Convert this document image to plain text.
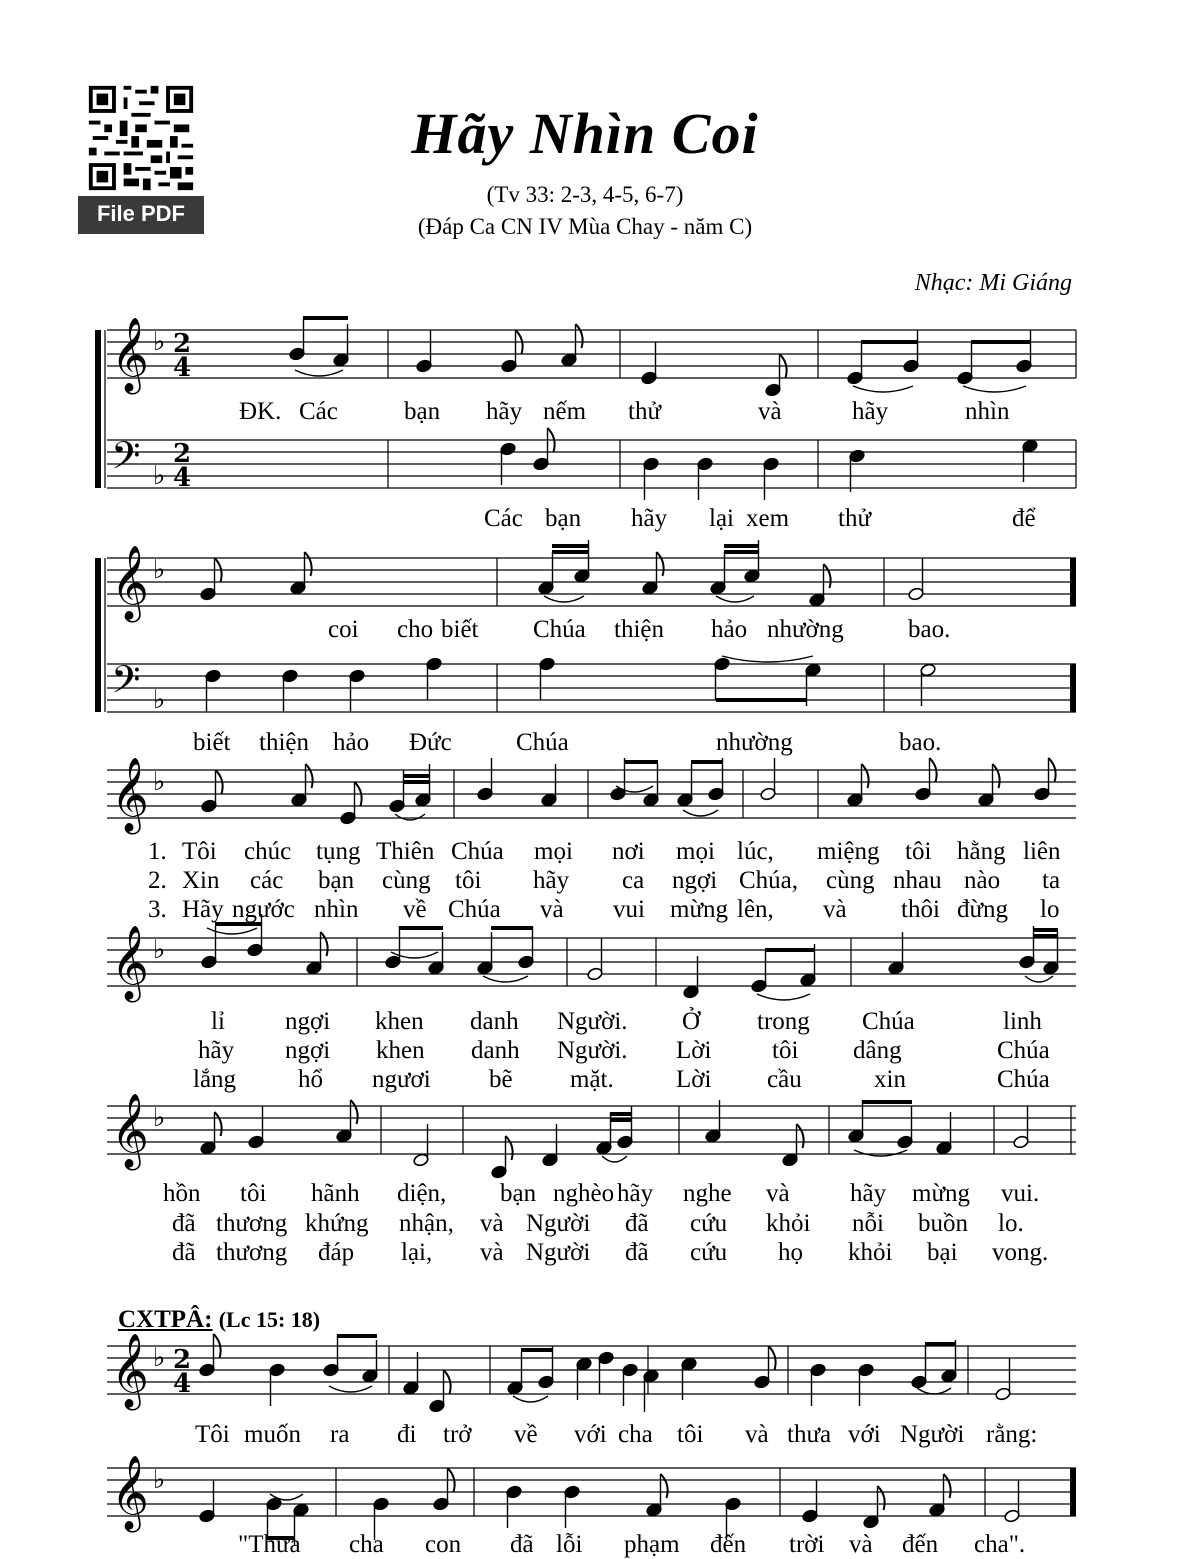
File PDF
Hãy Nhìn Coi
(Tv 33: 2-3, 4-5, 6-7)
(Đáp Ca CN IV Mùa Chay - năm C)
Nhạc: Mi Giáng
𝄞 ♭ 2
4
𝄢 ♭
2
4
𝄞 ♭
𝄢 ♭
𝄞 ♭
𝄞 ♭
𝄞 ♭
𝄞 ♭ 2
4
𝄞 ♭
ĐK. Các	bạn hãy nếm thử	và	hãy	nhìn
Các bạn hãy lại xem thử	để
coi cho biết Chúa thiện hảo nhường	bao.
biết thiện hảo Đức	Chúa	nhường	bao.
1. Tôi chúc tụng Thiên Chúa mọi nơi mọi lúc, miệng tôi hằng liên
2. Xin các bạn cùng tôi hãy ca ngợi Chúa, cùng nhau nào ta
3. Hãy ngước nhìn về Chúa và vui mừng lên, và thôi đừng lo
lỉ ngợi khen danh Người. Ở trong Chúa	linh
hãy ngợi khen danh Người. Lời tôi dâng	Chúa
lắng hổ ngươi bẽ mặt. Lời cầu	xin	Chúa
hồn tôi hãnh diện, bạn nghèo hãy nghe và hãy mừng vui.
đã thương khứng nhận, và Người đã cứu khỏi nỗi buồn lo.
đã thương đáp lại, và Người đã cứu họ khỏi bại vong.
Tôi muốn ra đi trở về với cha tôi và thưa với Người rằng:
"Thưa cha con đã lỗi phạm đến trời và đến cha".
CXTPÂ: (Lc 15: 18)
